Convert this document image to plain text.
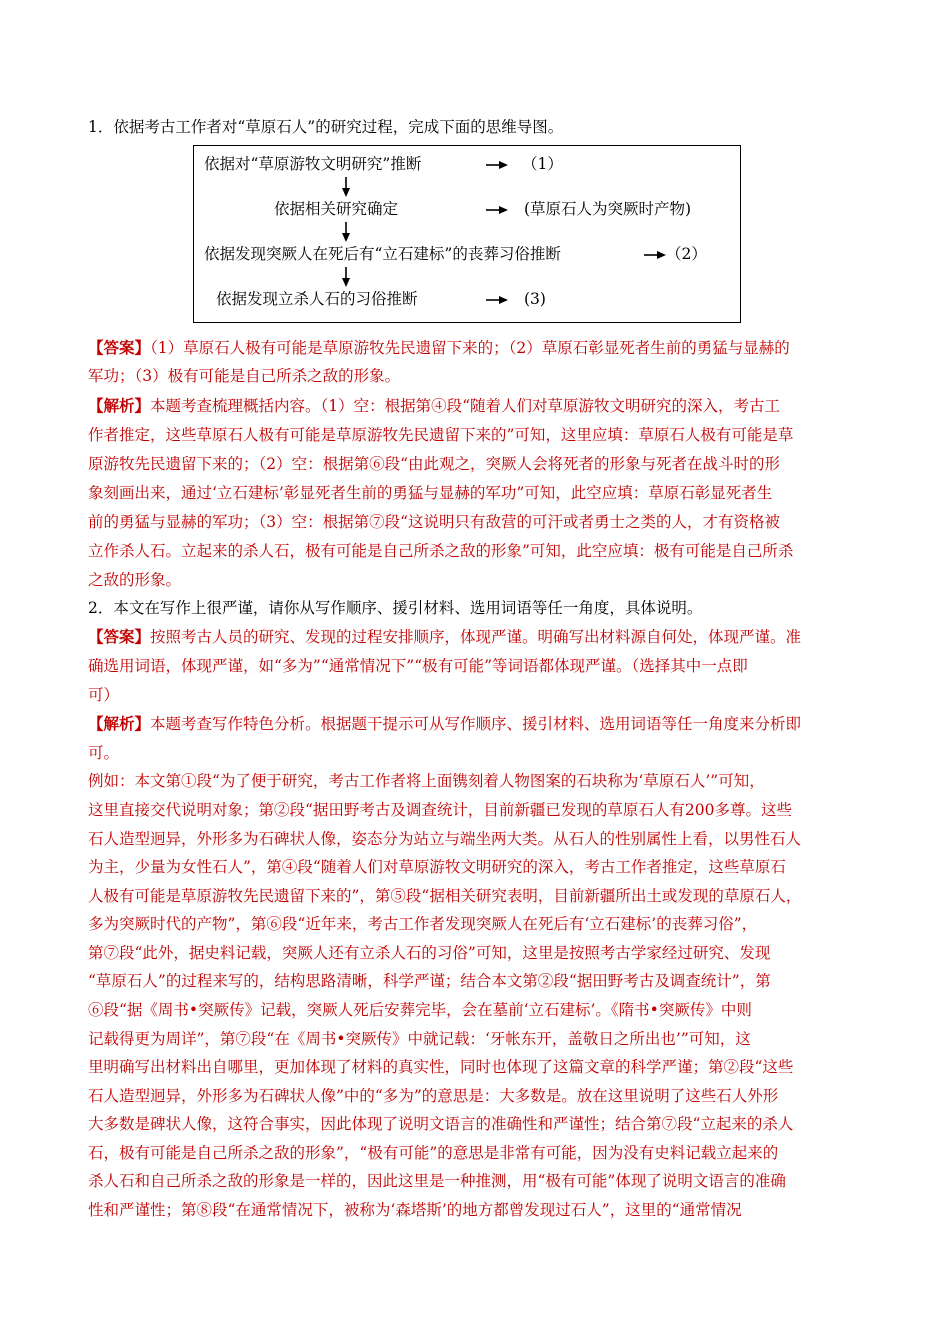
1．依据考古工作者对“草原石人”的研究过程，完成下面的思维导图。
依据对“草原游牧文明研究”推断	（1）
依据相关研究确定	(草原石人为突厥时产物)
依据发现突厥人在死后有“立石建标”的丧葬习俗推断	（2）
依据发现立杀人石的习俗推断	(3)
【答案】（1）草原石人极有可能是草原游牧先民遗留下来的；（2）草原石彰显死者生前的勇猛与显赫的
军功；（3）极有可能是自己所杀之敌的形象。
【解析】本题考查梳理概括内容。（1）空：根据第④段“随着人们对草原游牧文明研究的深入，考古工
作者推定，这些草原石人极有可能是草原游牧先民遗留下来的”可知，这里应填：草原石人极有可能是草
原游牧先民遗留下来的；（2）空：根据第⑥段“由此观之，突厥人会将死者的形象与死者在战斗时的形
象刻画出来，通过‘立石建标’彰显死者生前的勇猛与显赫的军功”可知，此空应填：草原石彰显死者生
前的勇猛与显赫的军功；（3）空：根据第⑦段“这说明只有敌营的可汗或者勇士之类的人，才有资格被
立作杀人石。立起来的杀人石，极有可能是自己所杀之敌的形象”可知，此空应填：极有可能是自己所杀
之敌的形象。
2．本文在写作上很严谨，请你从写作顺序、援引材料、选用词语等任一角度，具体说明。
【答案】按照考古人员的研究、发现的过程安排顺序，体现严谨。明确写出材料源自何处，体现严谨。准
确选用词语，体现严谨，如“多为”“通常情况下”“极有可能”等词语都体现严谨。（选择其中一点即
可）
【解析】本题考查写作特色分析。根据题干提示可从写作顺序、援引材料、选用词语等任一角度来分析即
可。
例如：本文第①段“为了便于研究，考古工作者将上面镌刻着人物图案的石块称为‘草原石人’”可知，
这里直接交代说明对象；第②段“据田野考古及调查统计，目前新疆已发现的草原石人有200多尊。这些
石人造型迥异，外形多为石碑状人像，姿态分为站立与端坐两大类。从石人的性别属性上看，以男性石人
为主，少量为女性石人”，第④段“随着人们对草原游牧文明研究的深入，考古工作者推定，这些草原石
人极有可能是草原游牧先民遗留下来的”，第⑤段“据相关研究表明，目前新疆所出土或发现的草原石人，
多为突厥时代的产物”，第⑥段“近年来，考古工作者发现突厥人在死后有‘立石建标’的丧葬习俗”，
第⑦段“此外，据史料记载，突厥人还有立杀人石的习俗”可知，这里是按照考古学家经过研究、发现
“草原石人”的过程来写的，结构思路清晰，科学严谨；结合本文第②段“据田野考古及调查统计”，第
⑥段“据《周书•突厥传》记载，突厥人死后安葬完毕，会在墓前‘立石建标’。《隋书•突厥传》中则
记载得更为周详”，第⑦段“在《周书•突厥传》中就记载：‘牙帐东开，盖敬日之所出也’”可知，这
里明确写出材料出自哪里，更加体现了材料的真实性，同时也体现了这篇文章的科学严谨；第②段“这些
石人造型迥异，外形多为石碑状人像”中的“多为”的意思是：大多数是。放在这里说明了这些石人外形
大多数是碑状人像，这符合事实，因此体现了说明文语言的准确性和严谨性；结合第⑦段“立起来的杀人
石，极有可能是自己所杀之敌的形象”，“极有可能”的意思是非常有可能，因为没有史料记载立起来的
杀人石和自己所杀之敌的形象是一样的，因此这里是一种推测，用“极有可能”体现了说明文语言的准确
性和严谨性；第⑧段“在通常情况下，被称为‘森塔斯’的地方都曾发现过石人”，这里的“通常情况
